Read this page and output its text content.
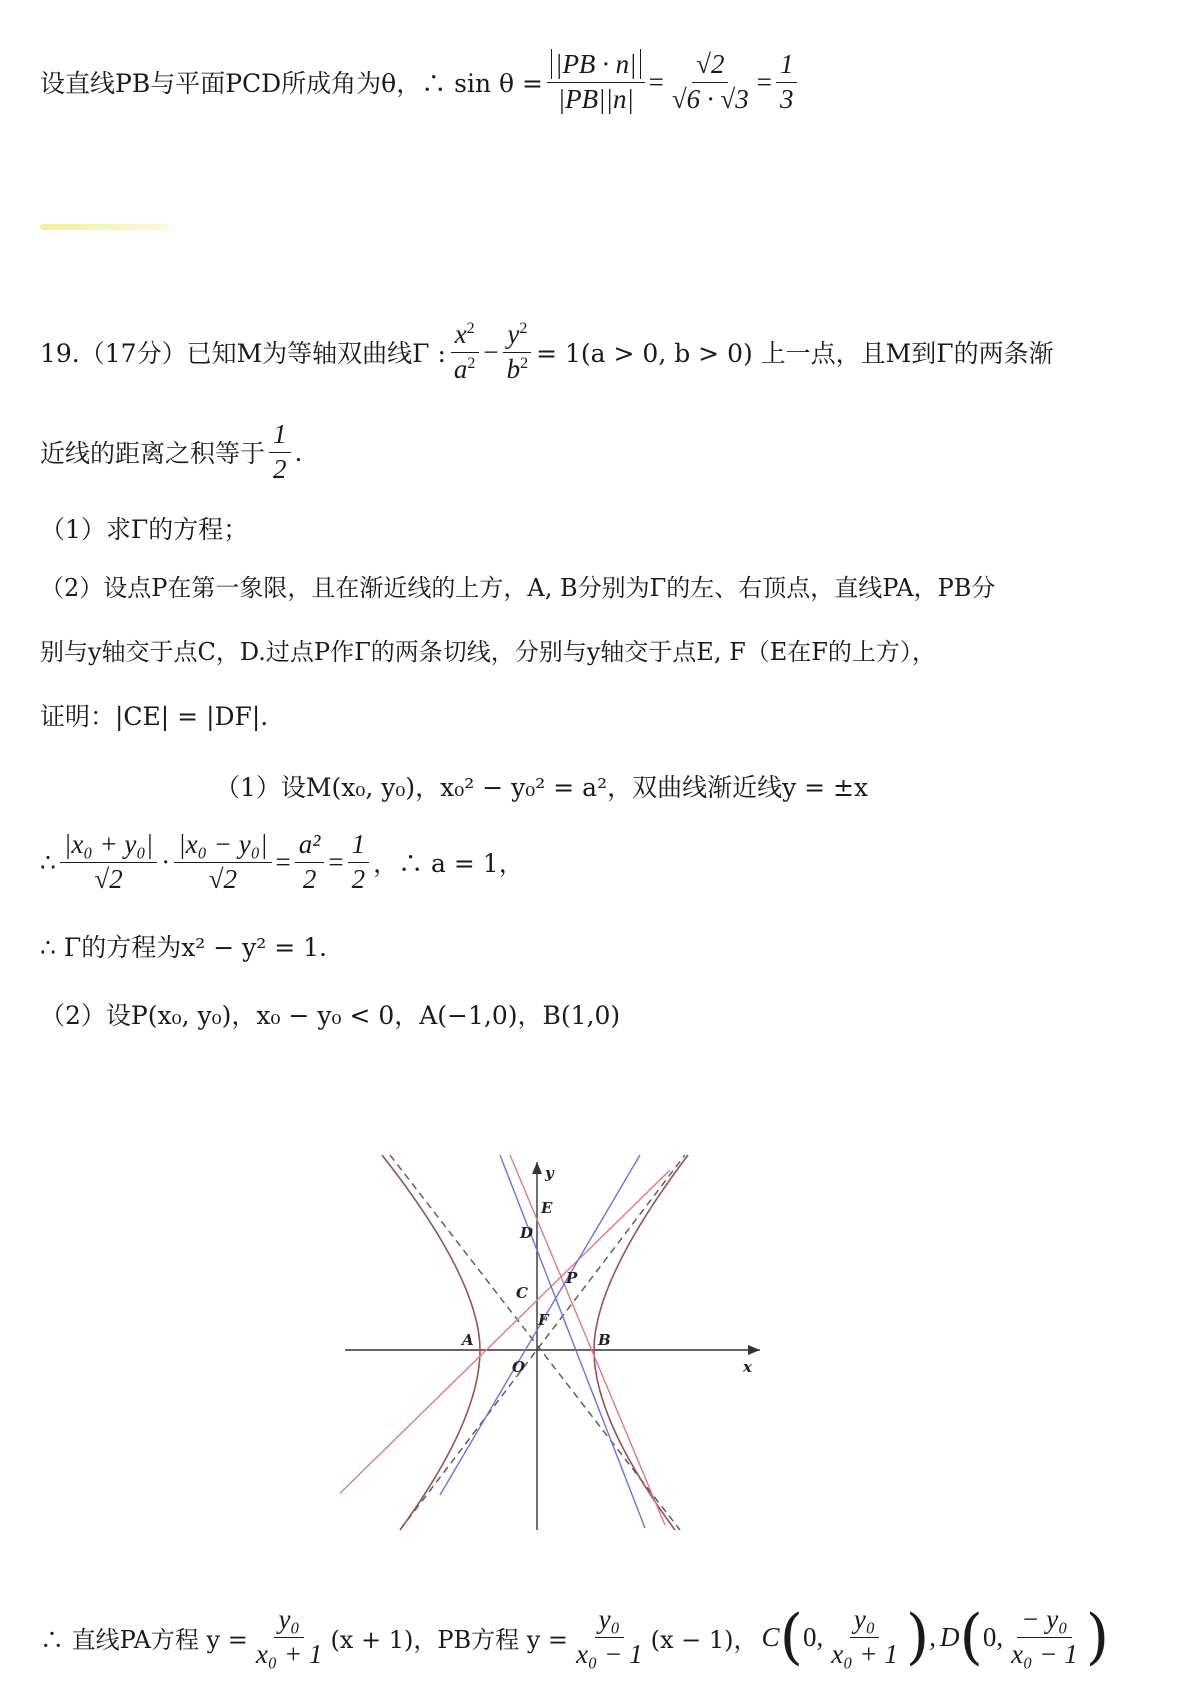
设直线PB与平面PCD所成角为θ，∴ $\sin \theta = \frac{|PB \cdot n|}{|PB||n|} = \frac{√2}{√6 \cdot √3} = \frac{1}{3}$
19.（17分）已知M为等轴双曲线Γ : $\frac{x^2}{a^2} - \frac{y^2}{b^2} = 1(a > 0$, b > 0) 上一点，且M到Γ的两条渐
近线的距离之积等于 $\frac{1}{2}$ .
（1）求Γ的方程；
（2）设点P在第一象限，且在渐近线的上方，A, B分别为Γ的左、右顶点，直线PA，PB分
别与y轴交于点C，D.过点P作Γ的两条切线，分别与y轴交于点E, F（E在F的上方），
证明：|CE| = |DF|.
（1）设M(x₀, y₀)，x₀² − y₀² = a²，双曲线渐近线y = ±x
∴ $\frac{\text{|x₀ + y₀|}}{√2} \cdot \frac{\text{|x₀ − y₀|}}{√2} = \frac{\text{a²}}{2} = \frac{1}{2}$ ，∴ a = 1，
∴ Γ的方程为x² − y² = 1.
（2）设P(x₀, y₀)，x₀ − y₀ < 0，A(−1,0)，B(1,0)
y
x
E
D
C
P
F
A	B
O
∴ 直线PA方程 $y = \frac{\text{y₀}}{\text{x₀ + 1}} (x + 1)$，PB方程 $y = \frac{\text{y₀}}{\text{x₀ − 1}} (x - 1)$， C ( 0, $\frac{\text{y₀}}{\text{x₀ + 1}}$ ) , D ( 0, $\frac{\text{− y₀}}{\text{x₀ − 1}}$ )
